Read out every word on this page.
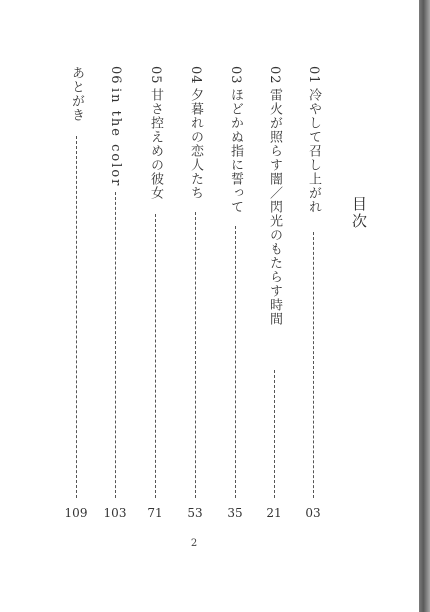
目次
01
冷やして召し上がれ
03
02
雷火が照らす闇／閃光のもたらす時間
21
03
ほどかぬ指に誓って
35
04
夕暮れの恋人たち
53
05
甘さ控えめの彼女
71
06
in the color
103
あとがき
109
2
